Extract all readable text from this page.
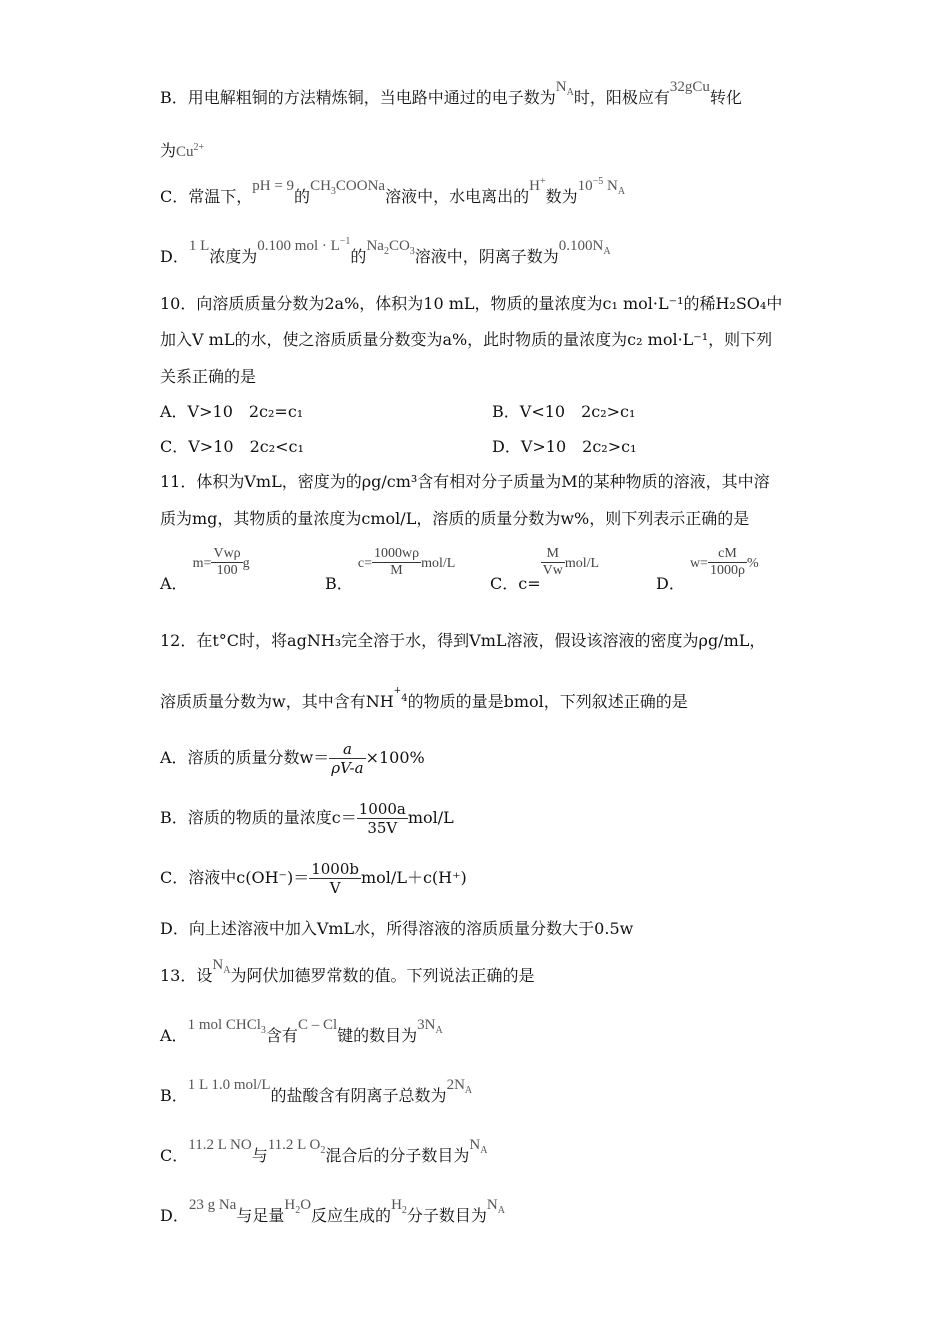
B．用电解粗铜的方法精炼铜，当电路中通过的电子数为$N_A$时，阳极应有32gCu转化
为$Cu^{2+}$
C．常温下，pH = 9的$CH_3COONa$溶液中，水电离出的H+数为$10^{-5}$ $N_A$
D．1 L浓度为0.100 mol · $L^{-1}$的$Na_2CO_3$溶液中，阴离子数为$0.100N_A$
10．向溶质质量分数为2a%，体积为10 mL，物质的量浓度为c₁ mol·L⁻¹的稀H₂SO₄中
加入V mL的水，使之溶质质量分数变为a%，此时物质的量浓度为c₂ mol·L⁻¹，则下列
关系正确的是
A．V>10　2c₂=c₁	B．V<10　2c₂>c₁
C．V>10　2c₂<c₁	D．V>10　2c₂>c₁
11．体积为VmL，密度为的ρg/cm³含有相对分子质量为M的某种物质的溶液，其中溶
质为mg，其物质的量浓度为cmol/L，溶质的质量分数为w%，则下列表示正确的是
A． $m= \frac{\text{Vwρ}}{100}$ g
B． $c= \frac{1000w\rho}{M} mol/L$
C．c=
$\frac{M}{Vw} mol/L$
D． $w= \frac{cM}{1000\rho}$ %
12．在t°C时，将agNH₃完全溶于水，得到VmL溶液，假设该溶液的密度为ρg/mL，
溶质质量分数为w，其中含有$NH^{+4}$的物质的量是bmol，下列叙述正确的是
A．溶质的质量分数$w= \frac{a}{\rho V-a} \times 100\%$
B．溶质的物质的量浓度$c= \frac{1000a}{35V} mol/L$
C．溶液中$c(OH^-)= \frac{1000b}{V} mol/L+c(H^+)$
D．向上述溶液中加入VmL水，所得溶液的溶质质量分数大于0.5w
13．设$N_A$为阿伏加德罗常数的值。下列说法正确的是
A．1 mol CHCl$_3$含有C – Cl键的数目为$3N_A$
B．1 L 1.0 mol/L的盐酸含有阴离子总数为$2N_A$
C．11.2 L NO与11.2 L $O_2$混合后的分子数目为$N_A$
D．23 g Na与足量$H_2O$反应生成的$H_2$分子数目为$N_A$
